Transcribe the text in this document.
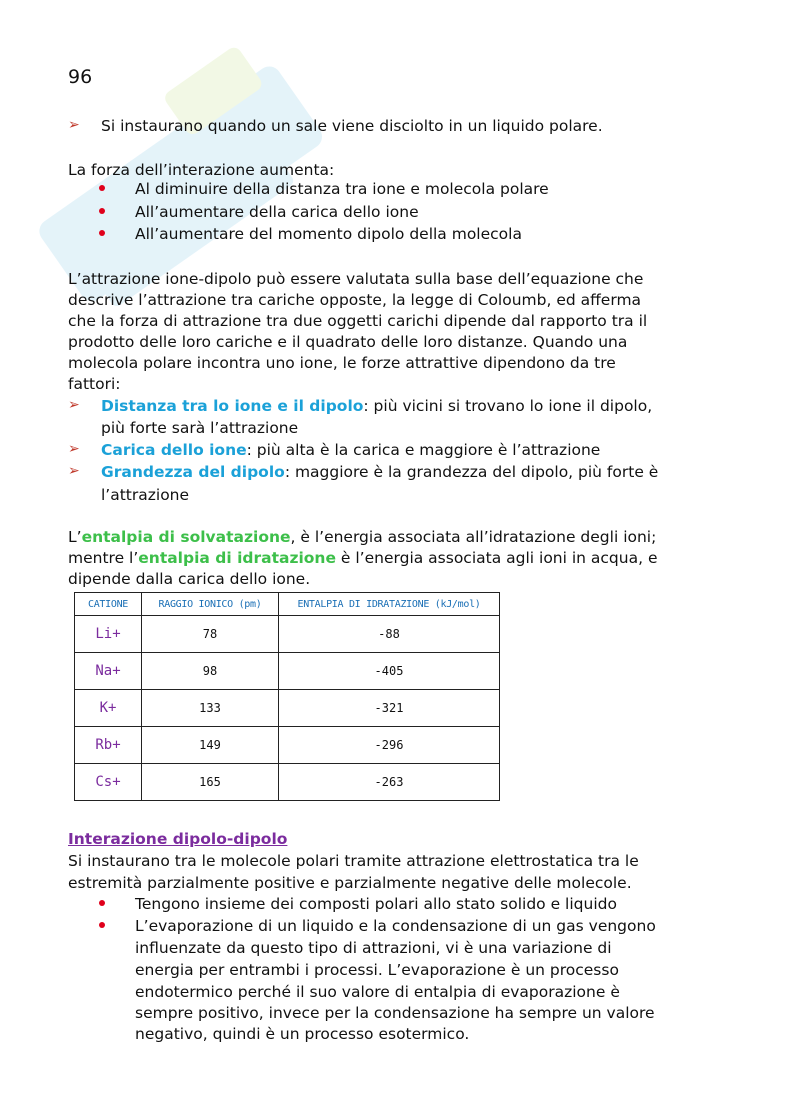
96
➢ Si instaurano quando un sale viene disciolto in un liquido polare.
La forza dell’interazione aumenta:
Al diminuire della distanza tra ione e molecola polare
All’aumentare della carica dello ione
All’aumentare del momento dipolo della molecola
L’attrazione ione-dipolo può essere valutata sulla base dell’equazione che
descrive l’attrazione tra cariche opposte, la legge di Coloumb, ed afferma
che la forza di attrazione tra due oggetti carichi dipende dal rapporto tra il
prodotto delle loro cariche e il quadrato delle loro distanze. Quando una
molecola polare incontra uno ione, le forze attrattive dipendono da tre
fattori:
➢ Distanza tra lo ione e il dipolo: più vicini si trovano lo ione il dipolo,
più forte sarà l’attrazione
➢ Carica dello ione: più alta è la carica e maggiore è l’attrazione
➢ Grandezza del dipolo: maggiore è la grandezza del dipolo, più forte è
l’attrazione
L’entalpia di solvatazione, è l’energia associata all’idratazione degli ioni;
mentre l’entalpia di idratazione è l’energia associata agli ioni in acqua, e
dipende dalla carica dello ione.
CATIONE	RAGGIO IONICO (pm)	ENTALPIA DI IDRATAZIONE (kJ/mol)
Li+	78	-88
Na+	98	-405
K+	133	-321
Rb+	149	-296
Cs+	165	-263
Interazione dipolo-dipolo
Si instaurano tra le molecole polari tramite attrazione elettrostatica tra le
estremità parzialmente positive e parzialmente negative delle molecole.
Tengono insieme dei composti polari allo stato solido e liquido
L’evaporazione di un liquido e la condensazione di un gas vengono
influenzate da questo tipo di attrazioni, vi è una variazione di
energia per entrambi i processi. L’evaporazione è un processo
endotermico perché il suo valore di entalpia di evaporazione è
sempre positivo, invece per la condensazione ha sempre un valore
negativo, quindi è un processo esotermico.
